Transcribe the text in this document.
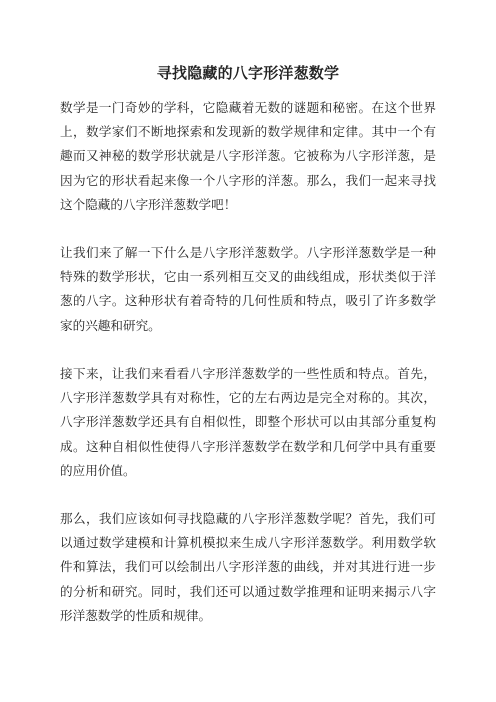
寻找隐藏的八字形洋葱数学

数学是一门奇妙的学科，它隐藏着无数的谜题和秘密。在这个世界上，数学家们不断地探索和发现新的数学规律和定律。其中一个有趣而又神秘的数学形状就是八字形洋葱。它被称为八字形洋葱，是因为它的形状看起来像一个八字形的洋葱。那么，我们一起来寻找这个隐藏的八字形洋葱数学吧！

让我们来了解一下什么是八字形洋葱数学。八字形洋葱数学是一种特殊的数学形状，它由一系列相互交叉的曲线组成，形状类似于洋葱的八字。这种形状有着奇特的几何性质和特点，吸引了许多数学家的兴趣和研究。

接下来，让我们来看看八字形洋葱数学的一些性质和特点。首先，八字形洋葱数学具有对称性，它的左右两边是完全对称的。其次，八字形洋葱数学还具有自相似性，即整个形状可以由其部分重复构成。这种自相似性使得八字形洋葱数学在数学和几何学中具有重要的应用价值。

那么，我们应该如何寻找隐藏的八字形洋葱数学呢？首先，我们可以通过数学建模和计算机模拟来生成八字形洋葱数学。利用数学软件和算法，我们可以绘制出八字形洋葱的曲线，并对其进行进一步的分析和研究。同时，我们还可以通过数学推理和证明来揭示八字形洋葱数学的性质和规律。
